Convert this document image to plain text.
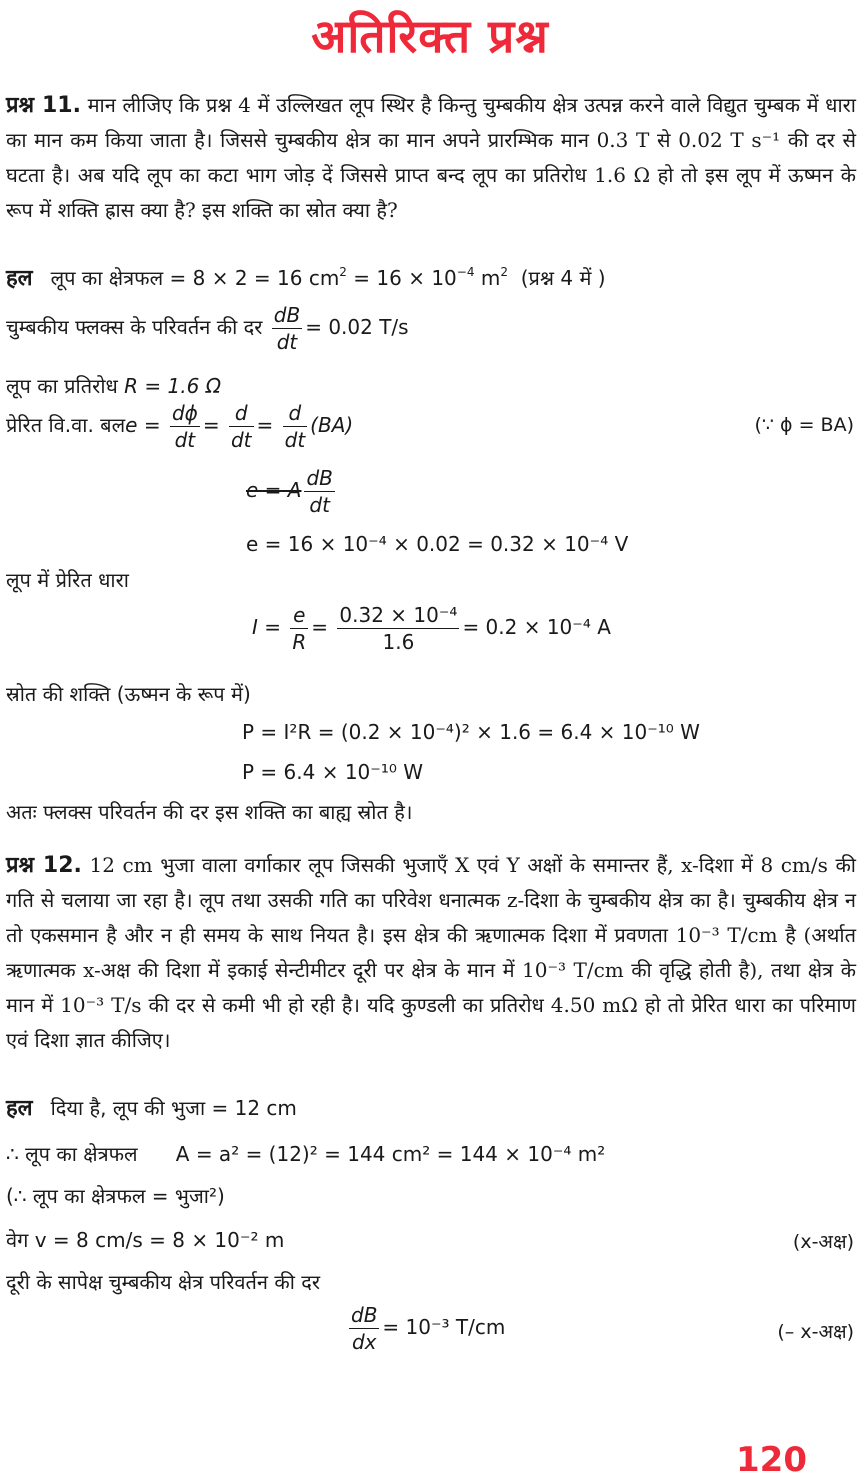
अतिरिक्त प्रश्न
प्रश्न 11. मान लीजिए कि प्रश्न 4 में उल्लिखत लूप स्थिर है किन्तु चुम्बकीय क्षेत्र उत्पन्न करने वाले विद्युत चुम्बक में धारा का मान कम किया जाता है। जिससे चुम्बकीय क्षेत्र का मान अपने प्रारम्भिक मान 0.3 T से 0.02 T s⁻¹ की दर से घटता है। अब यदि लूप का कटा भाग जोड़ दें जिससे प्राप्त बन्द लूप का प्रतिरोध 1.6 Ω हो तो इस लूप में ऊष्मन के रूप में शक्ति ह्रास क्या है? इस शक्ति का स्रोत क्या है?
हल लूप का क्षेत्रफल = 8 × 2 = 16 $cm^2 = 16 \times 10^{-4}$ $m^2$ (प्रश्न 4 में )
चुम्बकीय फ्लक्स के परिवर्तन की दर $\frac{dB}{dt} = 0.02$ T/s
लूप का प्रतिरोध R = 1.6 Ω
प्रेरित वि.वा. बलe = $\frac{d\phi}{dt} = \frac{d}{dt} = \frac{d}{dt} (BA)$	(∵ ϕ = BA)
e = A $\frac{dB}{dt}$
e = 16 × 10⁻⁴ × 0.02 = 0.32 × 10⁻⁴ V
लूप में प्रेरित धारा
$I = \frac{e}{R} = \frac{\text{0.32 × 10⁻⁴}}{1.6} = 0.2 \times 10^{-4}$ A
स्रोत की शक्ति (ऊष्मन के रूप में)
P = I²R = (0.2 × 10⁻⁴)² × 1.6 = 6.4 × 10⁻¹⁰ W
P = 6.4 × 10⁻¹⁰ W
अतः फ्लक्स परिवर्तन की दर इस शक्ति का बाह्य स्रोत है।
प्रश्न 12. 12 cm भुजा वाला वर्गाकार लूप जिसकी भुजाएँ X एवं Y अक्षों के समान्तर हैं, x-दिशा में 8 cm/s की गति से चलाया जा रहा है। लूप तथा उसकी गति का परिवेश धनात्मक z-दिशा के चुम्बकीय क्षेत्र का है। चुम्बकीय क्षेत्र न तो एकसमान है और न ही समय के साथ नियत है। इस क्षेत्र की ऋणात्मक दिशा में प्रवणता 10⁻³ T/cm है (अर्थात ऋणात्मक x-अक्ष की दिशा में इकाई सेन्टीमीटर दूरी पर क्षेत्र के मान में 10⁻³ T/cm की वृद्धि होती है), तथा क्षेत्र के मान में 10⁻³ T/s की दर से कमी भी हो रही है। यदि कुण्डली का प्रतिरोध 4.50 mΩ हो तो प्रेरित धारा का परिमाण एवं दिशा ज्ञात कीजिए।
हल दिया है, लूप की भुजा = 12 cm
∴ लूप का क्षेत्रफल A = a² = (12)² = 144 cm² = 144 × 10⁻⁴ m²
(∴ लूप का क्षेत्रफल = भुजा²)
वेग v = 8 cm/s = 8 × 10⁻² m	(x-अक्ष)
दूरी के सापेक्ष चुम्बकीय क्षेत्र परिवर्तन की दर
$\frac{dB}{dx} = 10^{-3}$ T/cm	(– x-अक्ष)
120
